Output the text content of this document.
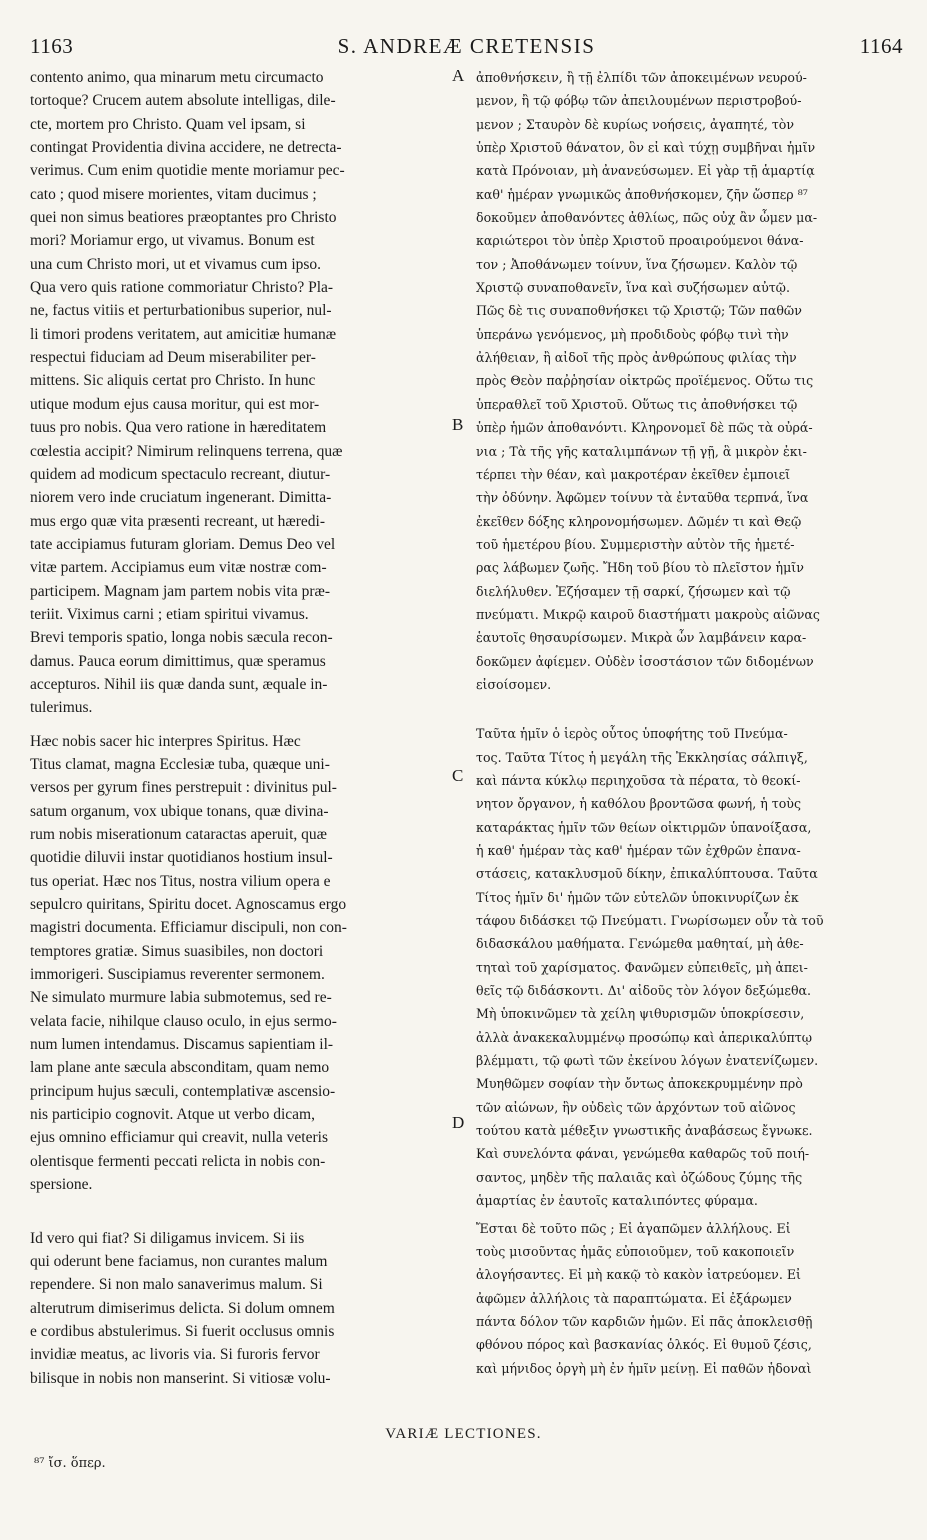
1163	S. ANDREÆ CRETENSIS	1164

contento animo, qua minarum metu circumacto

tortoque? Crucem autem absolute intelligas, dile-

cte, mortem pro Christo. Quam vel ipsam, si

contingat Providentia divina accidere, ne detrecta-

verimus. Cum enim quotidie mente moriamur pec-

cato ; quod misere morientes, vitam ducimus ;

quei non simus beatiores præoptantes pro Christo

mori? Moriamur ergo, ut vivamus. Bonum est

una cum Christo mori, ut et vivamus cum ipso.

Qua vero quis ratione commoriatur Christo? Pla-

ne, factus vitiis et perturbationibus superior, nul-

li timori prodens veritatem, aut amicitiæ humanæ

respectui fiduciam ad Deum miserabiliter per-

mittens. Sic aliquis certat pro Christo. In hunc

utique modum ejus causa moritur, qui est mor-

tuus pro nobis. Qua vero ratione in hæreditatem

cœlestia accipit? Nimirum relinquens terrena, quæ

quidem ad modicum spectaculo recreant, diutur-

niorem vero inde cruciatum ingenerant. Dimitta-

mus ergo quæ vita præsenti recreant, ut hæredi-

tate accipiamus futuram gloriam. Demus Deo vel

vitæ partem. Accipiamus eum vitæ nostræ com-

participem. Magnam jam partem nobis vita præ-

teriit. Viximus carni ; etiam spiritui vivamus.

Brevi temporis spatio, longa nobis sæcula recon-

damus. Pauca eorum dimittimus, quæ speramus

accepturos. Nihil iis quæ danda sunt, æquale in-

tulerimus.

Hæc nobis sacer hic interpres Spiritus. Hæc

Titus clamat, magna Ecclesiæ tuba, quæque uni-

versos per gyrum fines perstrepuit : divinitus pul-

satum organum, vox ubique tonans, quæ divina-

rum nobis miserationum cataractas aperuit, quæ

quotidie diluvii instar quotidianos hostium insul-

tus operiat. Hæc nos Titus, nostra vilium opera e

sepulcro quiritans, Spiritu docet. Agnoscamus ergo

magistri documenta. Efficiamur discipuli, non con-

temptores gratiæ. Simus suasibiles, non doctori

immorigeri. Suscipiamus reverenter sermonem.

Ne simulato murmure labia submotemus, sed re-

velata facie, nihilque clauso oculo, in ejus sermo-

num lumen intendamus. Discamus sapientiam il-

lam plane ante sæcula absconditam, quam nemo

principum hujus sæculi, contemplativæ ascensio-

nis participio cognovit. Atque ut verbo dicam,

ejus omnino efficiamur qui creavit, nulla veteris

olentisque fermenti peccati relicta in nobis con-

spersione.

Id vero qui fiat? Si diligamus invicem. Si iis

qui oderunt bene faciamus, non curantes malum

rependere. Si non malo sanaverimus malum. Si

alterutrum dimiserimus delicta. Si dolum omnem

e cordibus abstulerimus. Si fuerit occlusus omnis

invidiæ meatus, ac livoris via. Si furoris fervor

bilisque in nobis non manserint. Si vitiosæ volu-

ἀποθνήσκειν, ἢ τῇ ἐλπίδι τῶν ἀποκειμένων νευρού-

μενον, ἢ τῷ φόβῳ τῶν ἀπειλουμένων περιστροβού-

μενον ; Σταυρὸν δὲ κυρίως νοήσεις, ἀγαπητέ, τὸν

ὑπὲρ Χριστοῦ θάνατον, ὃν εἰ καὶ τύχῃ συμβῆναι ἡμῖν

κατὰ Πρόνοιαν, μὴ ἀνανεύσωμεν. Εἰ γὰρ τῇ ἁμαρτίᾳ

καθ' ἡμέραν γνωμικῶς ἀποθνήσκομεν, ζῆν ὥσπερ ⁸⁷

δοκοῦμεν ἀποθανόντες ἀθλίως, πῶς οὐχ ἂν ὦμεν μα-

καριώτεροι τὸν ὑπὲρ Χριστοῦ προαιρούμενοι θάνα-

τον ; Ἀποθάνωμεν τοίνυν, ἵνα ζήσωμεν. Καλὸν τῷ

Χριστῷ συναποθανεῖν, ἵνα καὶ συζήσωμεν αὐτῷ.

Πῶς δὲ τις συναποθνήσκει τῷ Χριστῷ; Τῶν παθῶν

ὑπεράνω γενόμενος, μὴ προδιδοὺς φόβῳ τινὶ τὴν

ἀλήθειαν, ἢ αἰδοῖ τῆς πρὸς ἀνθρώπους φιλίας τὴν

πρὸς Θεὸν παῤῥησίαν οἰκτρῶς προϊέμενος. Οὕτω τις

ὑπεραθλεῖ τοῦ Χριστοῦ. Οὕτως τις ἀποθνήσκει τῷ

ὑπὲρ ἡμῶν ἀποθανόντι. Κληρονομεῖ δὲ πῶς τὰ οὐρά-

νια ; Τὰ τῆς γῆς καταλιμπάνων τῇ γῇ, ἃ μικρὸν ἐκι-

τέρπει τὴν θέαν, καὶ μακροτέραν ἐκεῖθεν ἐμποιεῖ

τὴν ὀδύνην. Ἀφῶμεν τοίνυν τὰ ἐνταῦθα τερπνά, ἵνα

ἐκεῖθεν δόξης κληρονομήσωμεν. Δῶμέν τι καὶ Θεῷ

τοῦ ἡμετέρου βίου. Συμμεριστὴν αὐτὸν τῆς ἡμετέ-

ρας λάβωμεν ζωῆς. Ἤδη τοῦ βίου τὸ πλεῖστον ἡμῖν

διελήλυθεν. Ἐζήσαμεν τῇ σαρκί, ζήσωμεν καὶ τῷ

πνεύματι. Μικρῷ καιροῦ διαστήματι μακροὺς αἰῶνας

ἑαυτοῖς θησαυρίσωμεν. Μικρὰ ὧν λαμβάνειν καρα-

δοκῶμεν ἀφίεμεν. Οὐδὲν ἰσοστάσιον τῶν διδομένων

εἰσοίσομεν.

Ταῦτα ἡμῖν ὁ ἱερὸς οὗτος ὑποφήτης τοῦ Πνεύμα-

τος. Ταῦτα Τίτος ἡ μεγάλη τῆς Ἐκκλησίας σάλπιγξ,

καὶ πάντα κύκλῳ περιηχοῦσα τὰ πέρατα, τὸ θεοκί-

νητον ὄργανον, ἡ καθόλου βροντῶσα φωνή, ἡ τοὺς

καταράκτας ἡμῖν τῶν θείων οἰκτιρμῶν ὑπανοίξασα,

ἡ καθ' ἡμέραν τὰς καθ' ἡμέραν τῶν ἐχθρῶν ἐπανα-

στάσεις, κατακλυσμοῦ δίκην, ἐπικαλύπτουσα. Ταῦτα

Τίτος ἡμῖν δι' ἡμῶν τῶν εὐτελῶν ὑποκινυρίζων ἐκ

τάφου διδάσκει τῷ Πνεύματι. Γνωρίσωμεν οὖν τὰ τοῦ

διδασκάλου μαθήματα. Γενώμεθα μαθηταί, μὴ ἀθε-

τηταὶ τοῦ χαρίσματος. Φανῶμεν εὐπειθεῖς, μὴ ἀπει-

θεῖς τῷ διδάσκοντι. Δι' αἰδοῦς τὸν λόγον δεξώμεθα.

Μὴ ὑποκινῶμεν τὰ χείλη ψιθυρισμῶν ὑποκρίσεσιν,

ἀλλὰ ἀνακεκαλυμμένῳ προσώπῳ καὶ ἀπερικαλύπτῳ

βλέμματι, τῷ φωτὶ τῶν ἐκείνου λόγων ἐνατενίζωμεν.

Μυηθῶμεν σοφίαν τὴν ὄντως ἀποκεκρυμμένην πρὸ

τῶν αἰώνων, ἣν οὐδεὶς τῶν ἀρχόντων τοῦ αἰῶνος

τούτου κατὰ μέθεξιν γνωστικῆς ἀναβάσεως ἔγνωκε.

Καὶ συνελόντα φάναι, γενώμεθα καθαρῶς τοῦ ποιή-

σαντος, μηδὲν τῆς παλαιᾶς καὶ ὀζώδους ζύμης τῆς

ἁμαρτίας ἐν ἑαυτοῖς καταλιπόντες φύραμα.

Ἔσται δὲ τοῦτο πῶς ; Εἰ ἀγαπῶμεν ἀλλήλους. Εἰ

τοὺς μισοῦντας ἡμᾶς εὐποιοῦμεν, τοῦ κακοποιεῖν

ἀλογήσαντες. Εἰ μὴ κακῷ τὸ κακὸν ἰατρεύομεν. Εἰ

ἀφῶμεν ἀλλήλοις τὰ παραπτώματα. Εἰ ἐξάρωμεν

πάντα δόλον τῶν καρδιῶν ἡμῶν. Εἰ πᾶς ἀποκλεισθῇ

φθόνου πόρος καὶ βασκανίας ὁλκός. Εἰ θυμοῦ ζέσις,

καὶ μήνιδος ὀργὴ μὴ ἐν ἡμῖν μείνῃ. Εἰ παθῶν ἡδοναὶ

A
B
C
D
VARIÆ LECTIONES.
⁸⁷ ἴσ. ὅπερ.
